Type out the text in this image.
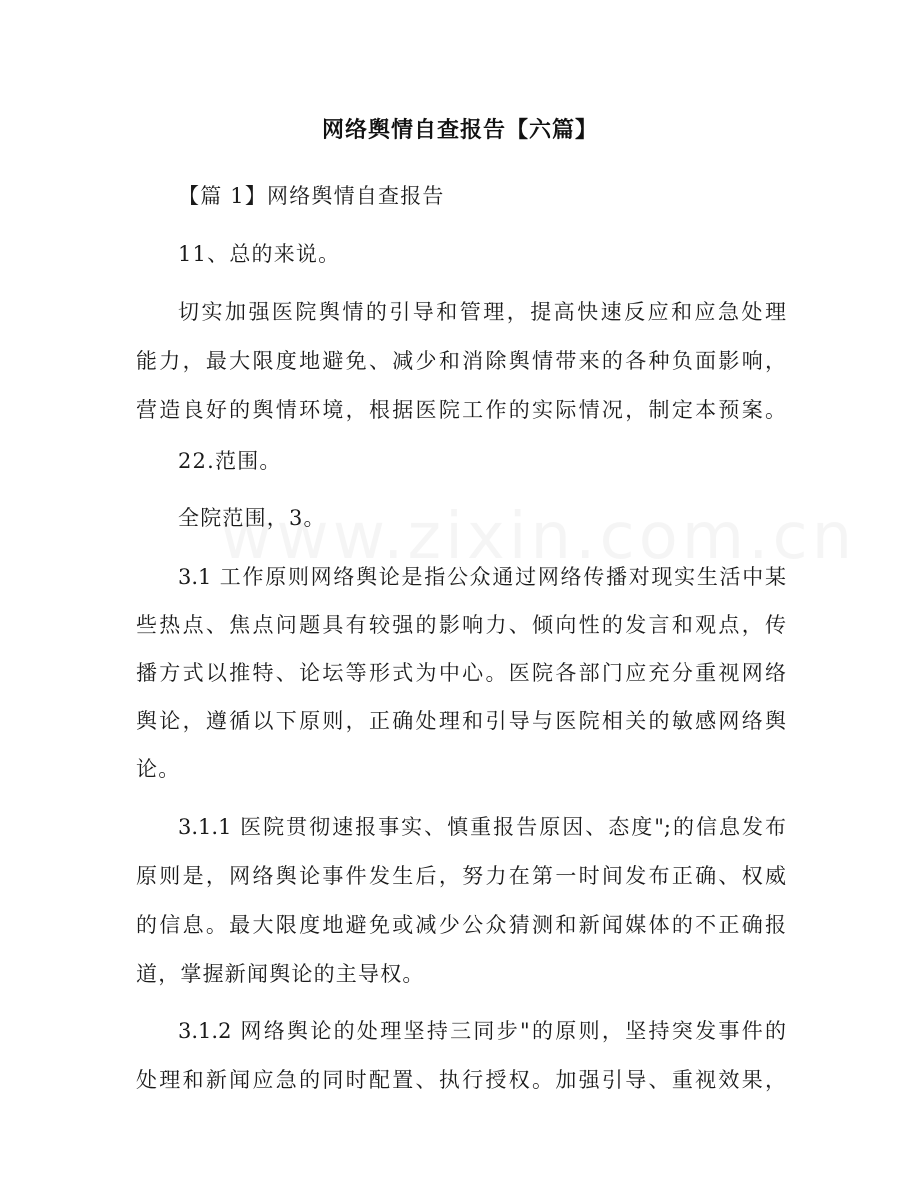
网络舆情自查报告【六篇】
【篇 1】网络舆情自查报告
11、总的来说。
切实加强医院舆情的引导和管理，提高快速反应和应急处理
能力，最大限度地避免、减少和消除舆情带来的各种负面影响，
营造良好的舆情环境，根据医院工作的实际情况，制定本预案。
22.范围。
全院范围，3。
3.1 工作原则网络舆论是指公众通过网络传播对现实生活中某
些热点、焦点问题具有较强的影响力、倾向性的发言和观点，传
播方式以推特、论坛等形式为中心。医院各部门应充分重视网络
舆论，遵循以下原则，正确处理和引导与医院相关的敏感网络舆
论。
3.1.1 医院贯彻速报事实、慎重报告原因、态度";的信息发布
原则是，网络舆论事件发生后，努力在第一时间发布正确、权威
的信息。最大限度地避免或减少公众猜测和新闻媒体的不正确报
道，掌握新闻舆论的主导权。
3.1.2 网络舆论的处理坚持三同步"的原则，坚持突发事件的
处理和新闻应急的同时配置、执行授权。加强引导、重视效果，
